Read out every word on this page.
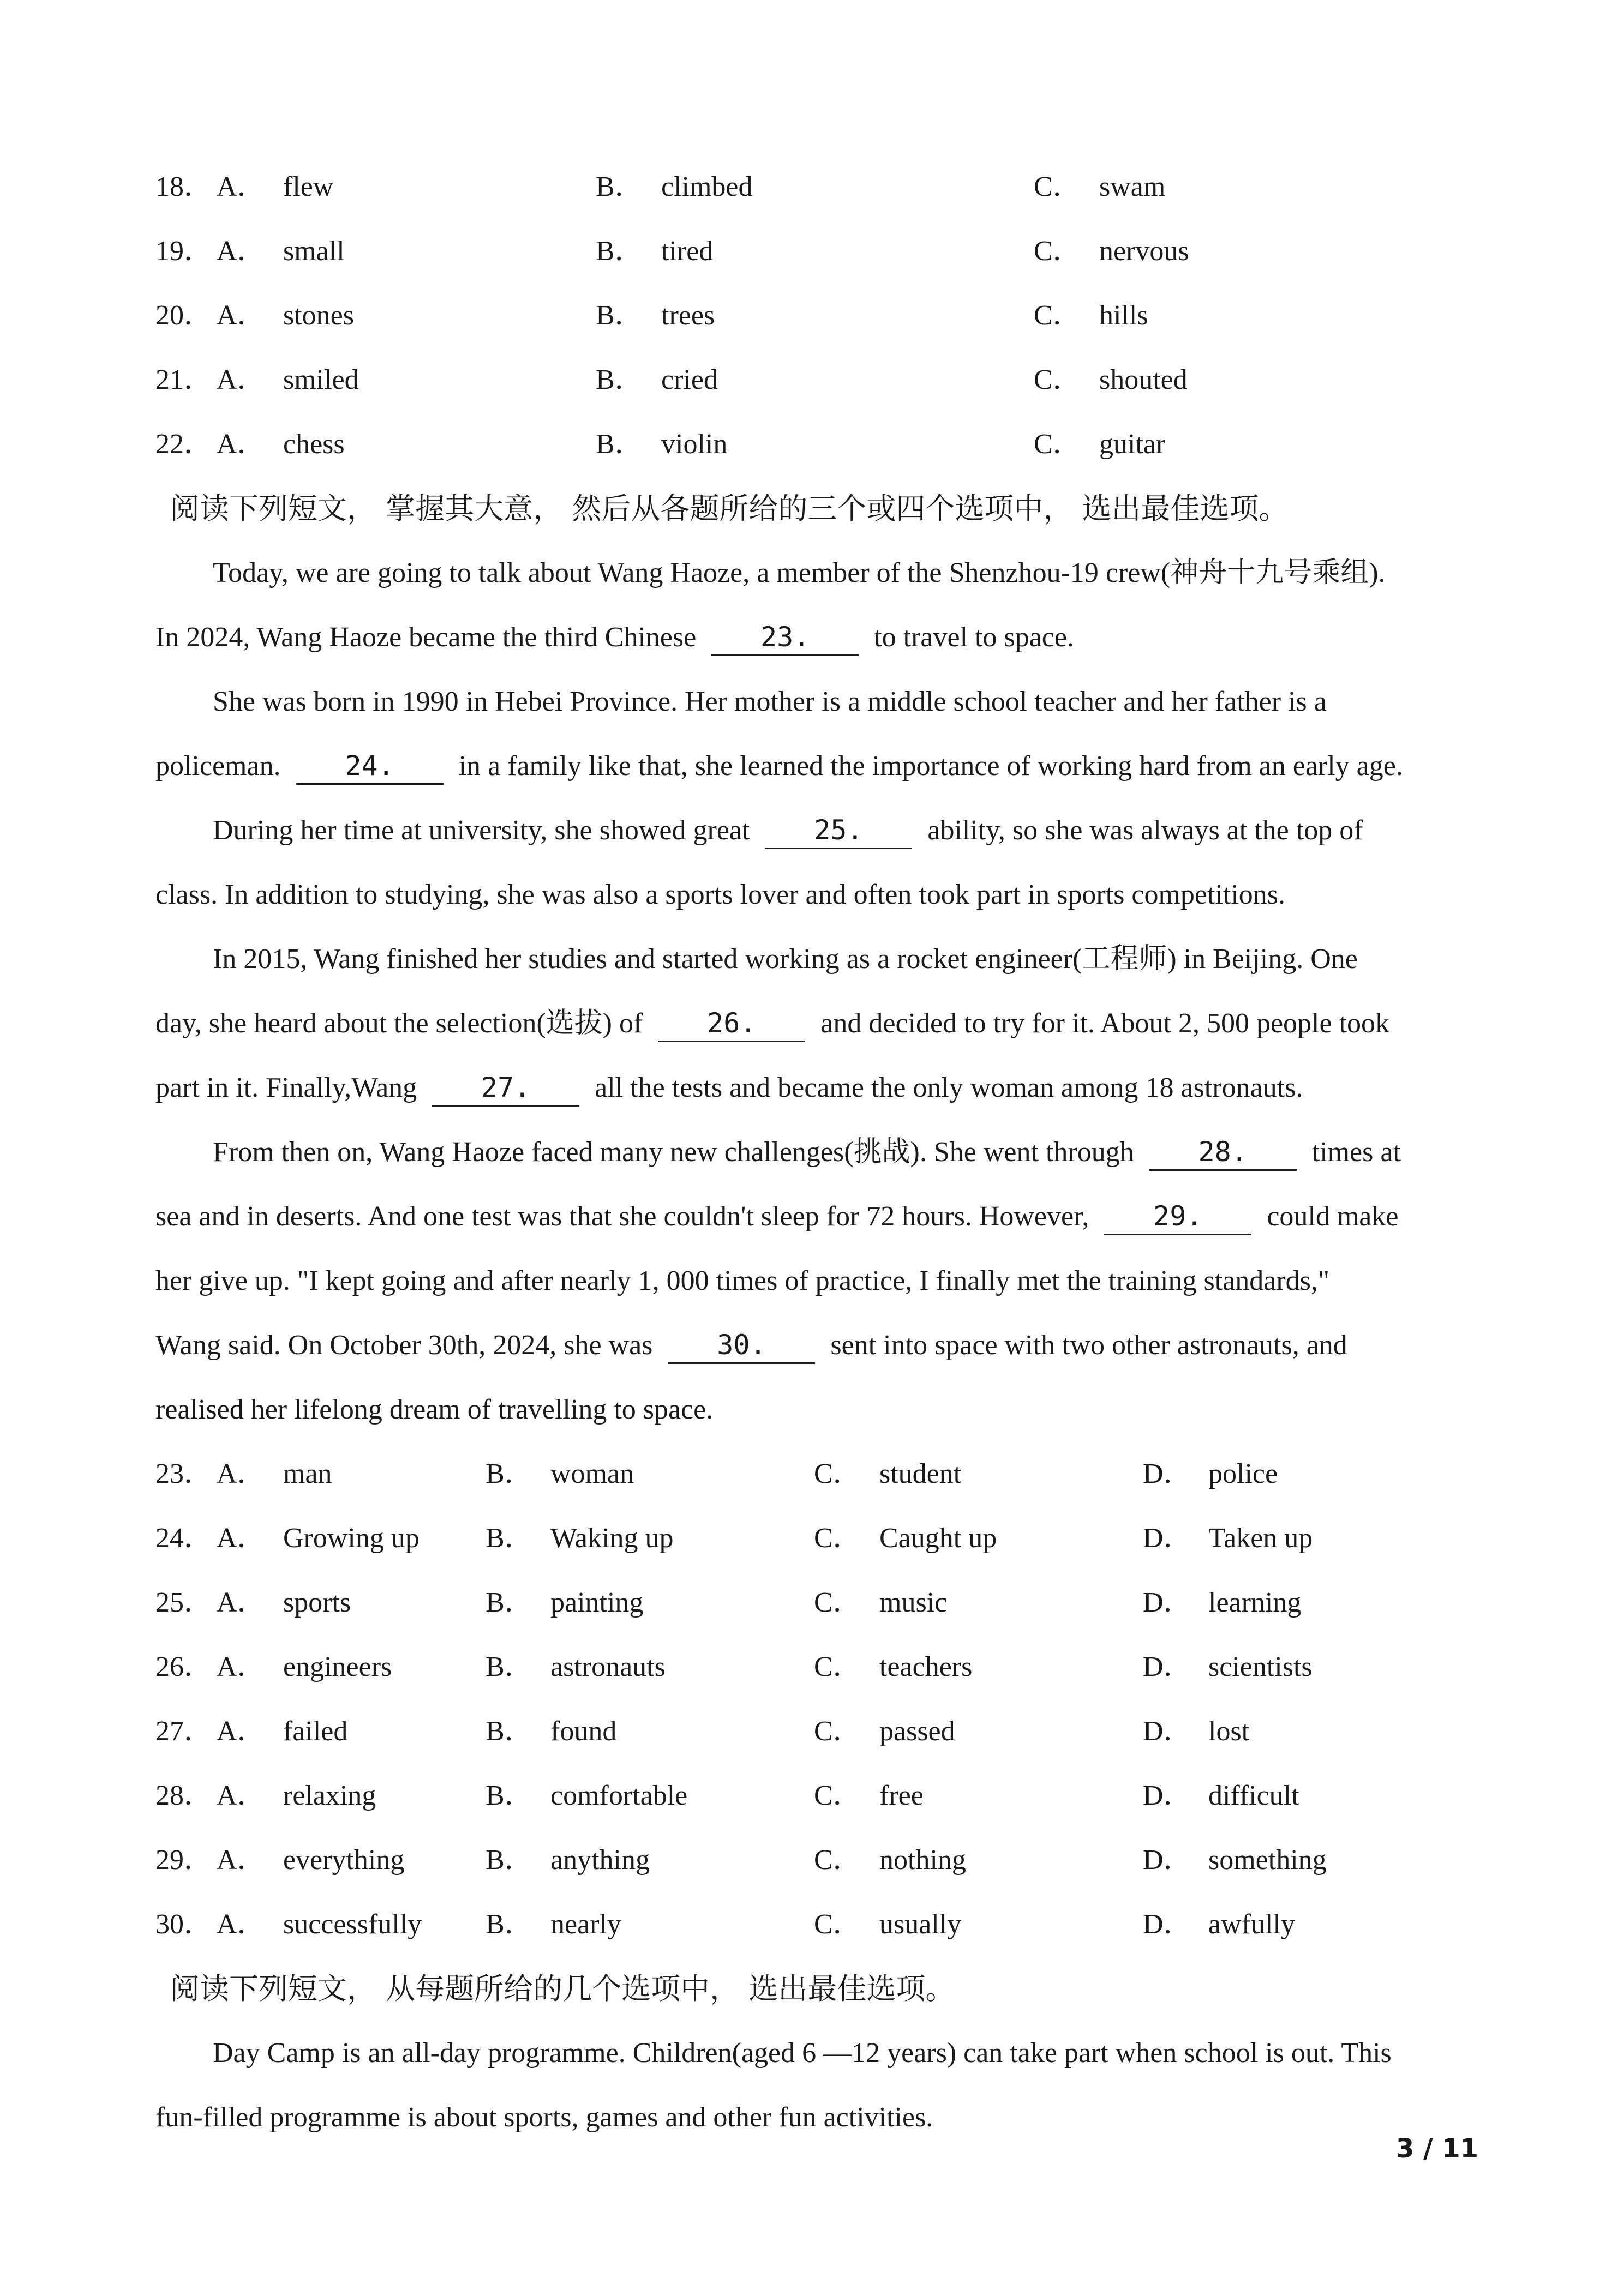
18． A． flew	B． climbed	C． swam
19． A． small	B． tired	C． nervous
20． A． stones	B． trees	C． hills
21． A． smiled	B． cried	C． shouted
22． A． chess	B． violin	C． guitar
阅读下列短文， 掌握其大意， 然后从各题所给的三个或四个选项中， 选出最佳选项。
Today, we are going to talk about Wang Haoze, a member of the Shenzhou-19 crew(神舟十九号乘组).
In 2024, Wang Haoze became the third Chinese 23. to travel to space.
She was born in 1990 in Hebei Province. Her mother is a middle school teacher and her father is a
policeman. 24. in a family like that, she learned the importance of working hard from an early age.
During her time at university, she showed great 25. ability, so she was always at the top of
class. In addition to studying, she was also a sports lover and often took part in sports competitions.
In 2015, Wang finished her studies and started working as a rocket engineer(工程师) in Beijing. One
day, she heard about the selection(选拔) of 26. and decided to try for it. About 2, 500 people took
part in it. Finally,Wang 27. all the tests and became the only woman among 18 astronauts.
From then on, Wang Haoze faced many new challenges(挑战). She went through 28. times at
sea and in deserts. And one test was that she couldn't sleep for 72 hours. However, 29. could make
her give up. "I kept going and after nearly 1, 000 times of practice, I finally met the training standards,"
Wang said. On October 30th, 2024, she was 30. sent into space with two other astronauts, and
realised her lifelong dream of travelling to space.
23． A． man	B． woman	C． student	D． police
24． A． Growing up B． Waking up	C． Caught up	D． Taken up
25． A． sports	B． painting	C． music	D． learning
26． A． engineers	B． astronauts	C． teachers	D． scientists
27． A． failed	B． found	C． passed	D． lost
28． A． relaxing	B． comfortable	C． free	D． difficult
29． A． everything	B． anything	C． nothing	D． something
30． A． successfully B． nearly	C． usually	D． awfully
阅读下列短文， 从每题所给的几个选项中， 选出最佳选项。
Day Camp is an all-day programme. Children(aged 6 —12 years) can take part when school is out. This
fun-filled programme is about sports, games and other fun activities.
3 / 11
